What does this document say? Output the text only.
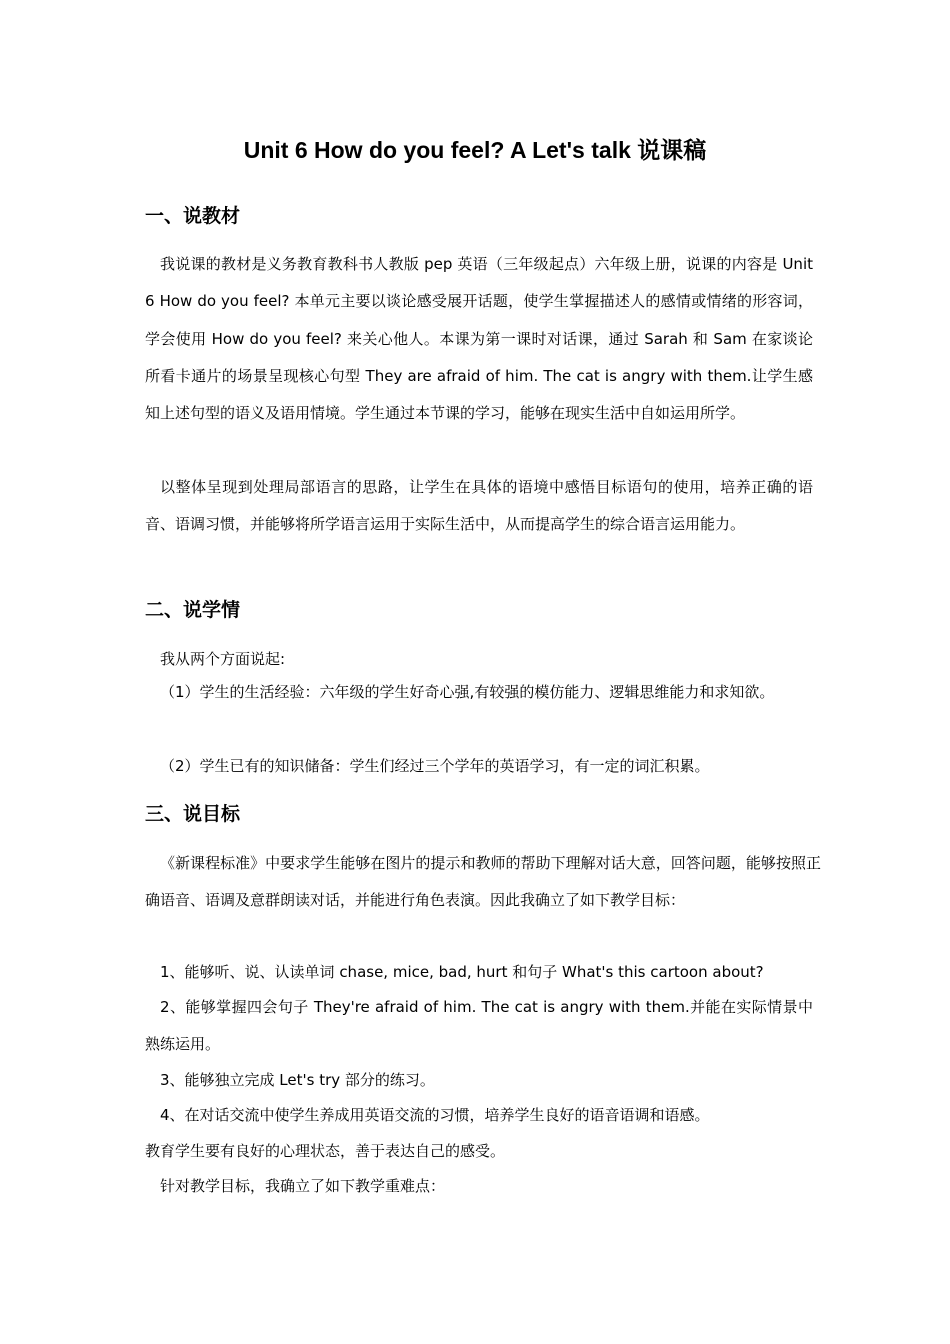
Unit 6 How do you feel? A Let's talk 说课稿
一、说教材
我说课的教材是义务教育教科书人教版 pep 英语（三年级起点）六年级上册，说课的内容是 Unit 6 How do you feel? 本单元主要以谈论感受展开话题，使学生掌握描述人的感情或情绪的形容词，学会使用 How do you feel? 来关心他人。本课为第一课时对话课，通过 Sarah 和 Sam 在家谈论所看卡通片的场景呈现核心句型 They are afraid of him. The cat is angry with them.让学生感知上述句型的语义及语用情境。学生通过本节课的学习，能够在现实生活中自如运用所学。
以整体呈现到处理局部语言的思路，让学生在具体的语境中感悟目标语句的使用，培养正确的语音、语调习惯，并能够将所学语言运用于实际生活中，从而提高学生的综合语言运用能力。
二、说学情
我从两个方面说起:
（1）学生的生活经验：六年级的学生好奇心强,有较强的模仿能力、逻辑思维能力和求知欲。
（2）学生已有的知识储备：学生们经过三个学年的英语学习，有一定的词汇积累。
三、说目标
《新课程标准》中要求学生能够在图片的提示和教师的帮助下理解对话大意，回答问题，能够按照正确语音、语调及意群朗读对话，并能进行角色表演。因此我确立了如下教学目标：
1、能够听、说、认读单词 chase, mice, bad, hurt 和句子 What's this cartoon about?
2、能够掌握四会句子 They're afraid of him. The cat is angry with them.并能在实际情景中熟练运用。
3、能够独立完成 Let's try 部分的练习。
4、在对话交流中使学生养成用英语交流的习惯，培养学生良好的语音语调和语感。
教育学生要有良好的心理状态，善于表达自己的感受。
针对教学目标，我确立了如下教学重难点：
